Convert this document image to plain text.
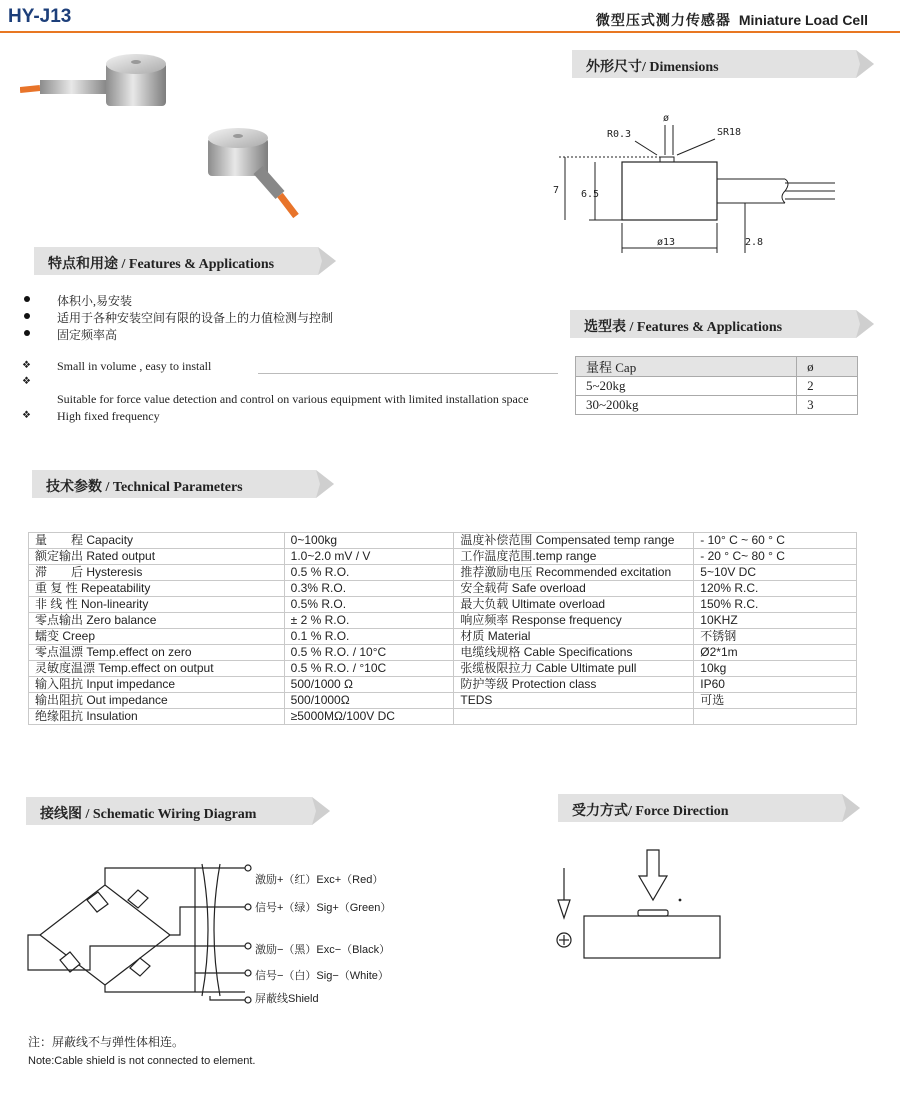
HY-J13	微型压式测力传感器 Miniature Load Cell
外形尺寸/ Dimensions
特点和用途 / Features & Applications
选型表 / Features & Applications
技术参数 / Technical Parameters
接线图 / Schematic Wiring Diagram	受力方式/ Force Direction
体积小,易安装
适用于各种安装空间有限的设备上的力值检测与控制
固定频率高
❖ Small in volume , easy to install
❖
Suitable for force value detection and control on various equipment with limited installation space
❖ High fixed frequency
ø
R0.3	SR18
7 6.5
ø13	2.8
量程 Cap	ø
5~20kg	2
30~200kg	3
量　　程 Capacity	0~100kg	温度补偿范围 Compensated temp range	- 10° C ~ 60 ° C
额定输出 Rated output	1.0~2.0 mV / V	工作温度范围.temp range	- 20 ° C~ 80 ° C
滞　　后 Hysteresis	0.5 % R.O.	推荐激励电压 Recommended excitation	5~10V DC
重 复 性 Repeatability	0.3% R.O.	安全载荷 Safe overload	120% R.C.
非 线 性 Non-linearity	0.5% R.O.	最大负载 Ultimate overload	150% R.C.
零点输出 Zero balance	± 2 % R.O.	响应频率 Response frequency	10KHZ
蠕变 Creep	0.1 % R.O.	材质 Material	不锈钢
零点温漂 Temp.effect on zero	0.5 % R.O. / 10°C	电缆线规格 Cable Specifications	Ø2*1m
灵敏度温漂 Temp.effect on output	0.5 % R.O. / °10C	张缆极限拉力 Cable Ultimate pull	10kg
输入阻抗 Input impedance	500/1000 Ω	防护等级 Protection class	IP60
输出阻抗 Out impedance	500/1000Ω	TEDS	可选
绝缘阻抗 Insulation	≥5000MΩ/100V DC		
激励+（红）Exc+（Red）
信号+（绿）Sig+（Green）
激励−（黑）Exc−（Black）
信号−（白）Sig−（White）
屏蔽线Shield
注：屏蔽线不与弹性体相连。
Note:Cable shield is not connected to element.
